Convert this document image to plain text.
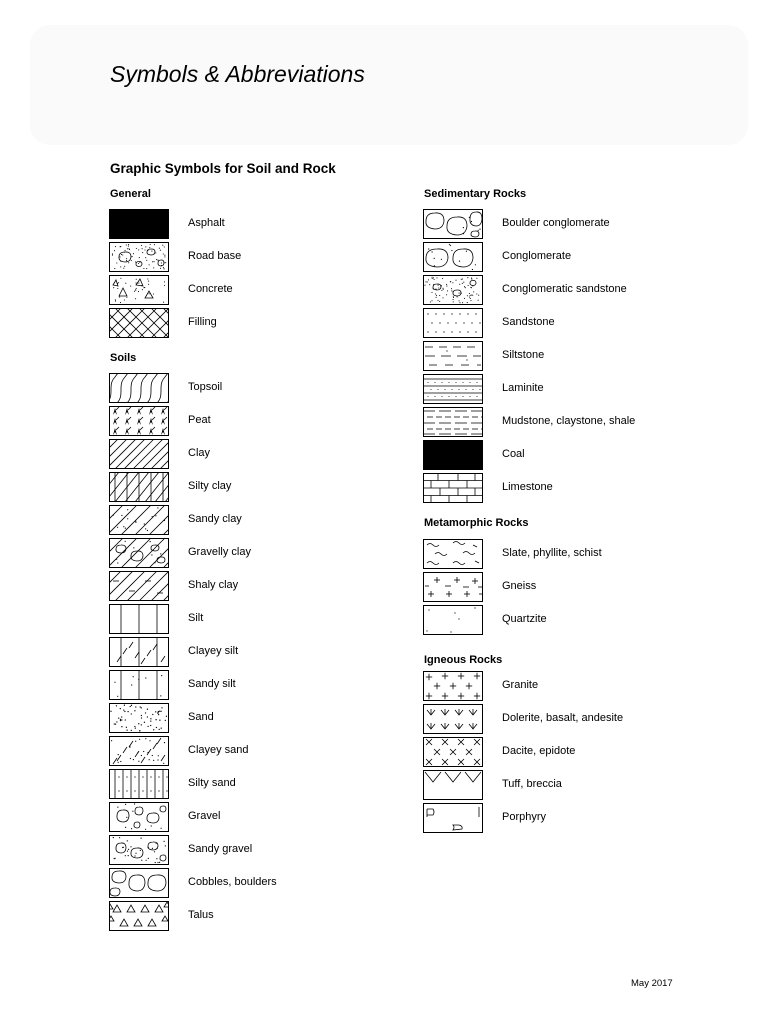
Symbols & Abbreviations
Graphic Symbols for Soil and Rock
General
Asphalt
Road base
Concrete
Filling
Soils
Topsoil
Peat
Clay
Silty clay
Sandy clay
Gravelly clay
Shaly clay
Silt
Clayey silt
Sandy silt
Sand
Clayey sand
Silty sand
Gravel
Sandy gravel
Cobbles, boulders
Talus
Sedimentary Rocks
Boulder conglomerate
Conglomerate
Conglomeratic sandstone
Sandstone
Siltstone
Laminite
Mudstone, claystone, shale
Coal
Limestone
Metamorphic Rocks
Slate, phyllite, schist
Gneiss
Quartzite
Igneous Rocks
Granite
Dolerite, basalt, andesite
Dacite, epidote
Tuff, breccia
Porphyry
May 2017
